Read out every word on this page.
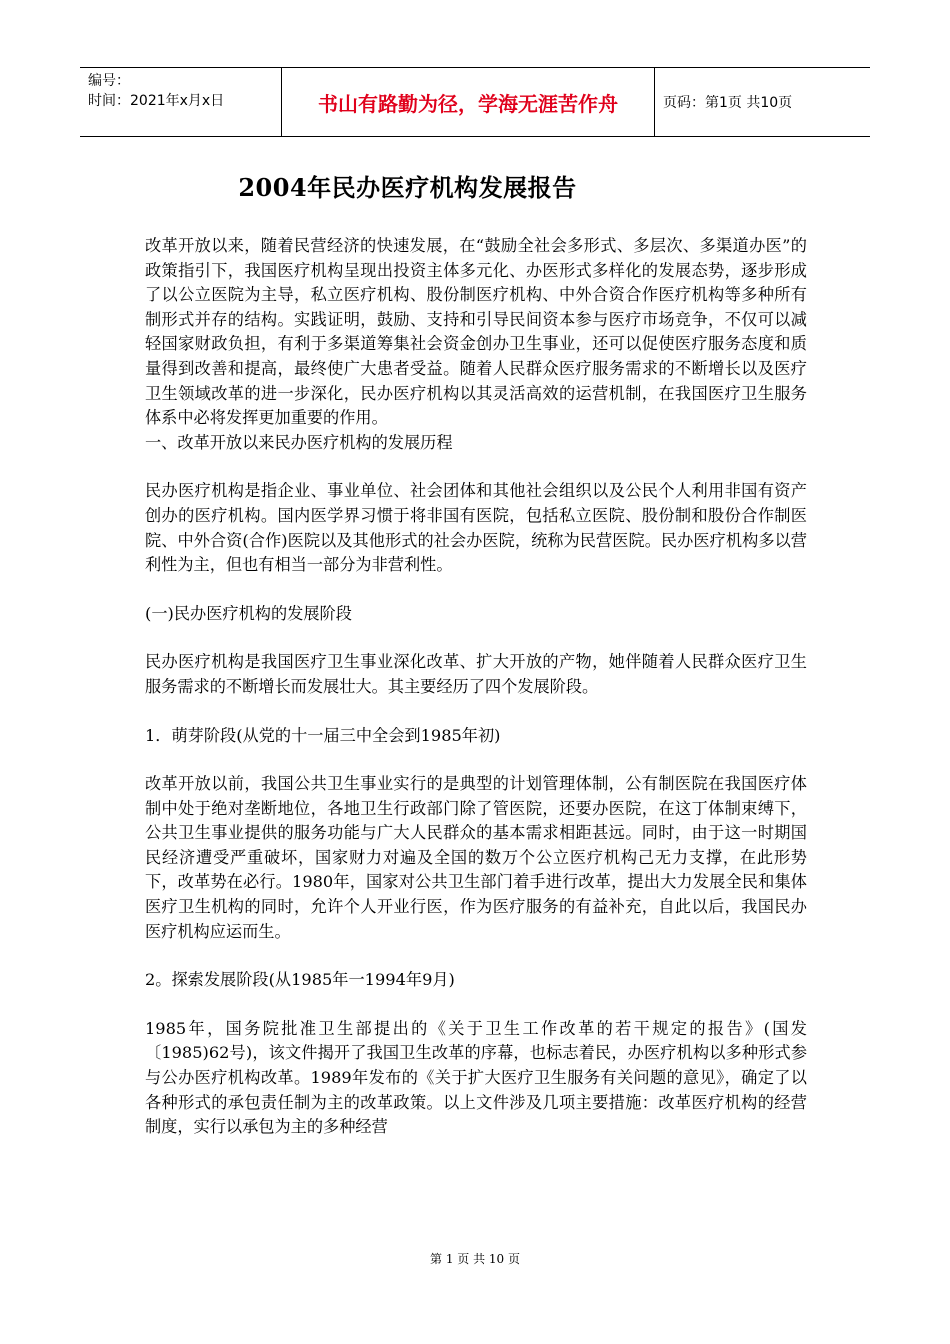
编号：
时间：2021年x月x日	书山有路勤为径，学海无涯苦作舟	页码：第1页 共10页
2004年民办医疗机构发展报告

改革开放以来，随着民营经济的快速发展，在“鼓励全社会多形式、多层次、多渠道办医”的政策指引下，我国医疗机构呈现出投资主体多元化、办医形式多样化的发展态势，逐步形成了以公立医院为主导，私立医疗机构、股份制医疗机构、中外合资合作医疗机构等多种所有制形式并存的结构。实践证明，鼓励、支持和引导民间资本参与医疗市场竞争，不仅可以减轻国家财政负担，有利于多渠道筹集社会资金创办卫生事业，还可以促使医疗服务态度和质量得到改善和提高，最终使广大患者受益。随着人民群众医疗服务需求的不断增长以及医疗卫生领域改革的进一步深化，民办医疗机构以其灵活高效的运营机制，在我国医疗卫生服务体系中必将发挥更加重要的作用。

一、改革开放以来民办医疗机构的发展历程

民办医疗机构是指企业、事业单位、社会团体和其他社会组织以及公民个人利用非国有资产创办的医疗机构。国内医学界习惯于将非国有医院，包括私立医院、股份制和股份合作制医院、中外合资(合作)医院以及其他形式的社会办医院，统称为民营医院。民办医疗机构多以营利性为主，但也有相当一部分为非营利性。

(一)民办医疗机构的发展阶段

民办医疗机构是我国医疗卫生事业深化改革、扩大开放的产物，她伴随着人民群众医疗卫生服务需求的不断增长而发展壮大。其主要经历了四个发展阶段。

1．萌芽阶段(从党的十一届三中全会到1985年初)

改革开放以前，我国公共卫生事业实行的是典型的计划管理体制，公有制医院在我国医疗体制中处于绝对垄断地位，各地卫生行政部门除了管医院，还要办医院，在这丁体制束缚下，公共卫生事业提供的服务功能与广大人民群众的基本需求相距甚远。同时，由于这一时期国民经济遭受严重破坏，国家财力对遍及全国的数万个公立医疗机构己无力支撑，在此形势下，改革势在必行。1980年，国家对公共卫生部门着手进行改革，提出大力发展全民和集体医疗卫生机构的同时，允许个人开业行医，作为医疗服务的有益补充，自此以后，我国民办医疗机构应运而生。

2。探索发展阶段(从1985年一1994年9月)

1985年，国务院批准卫生部提出的《关于卫生工作改革的若干规定的报告》(国发〔1985)62号)，该文件揭开了我国卫生改革的序幕，也标志着民，办医疗机构以多种形式参与公办医疗机构改革。1989年发布的《关于扩大医疗卫生服务有关问题的意见》，确定了以各种形式的承包责任制为主的改革政策。以上文件涉及几项主要措施：改革医疗机构的经营制度，实行以承包为主的多种经营

第 1 页 共 10 页
